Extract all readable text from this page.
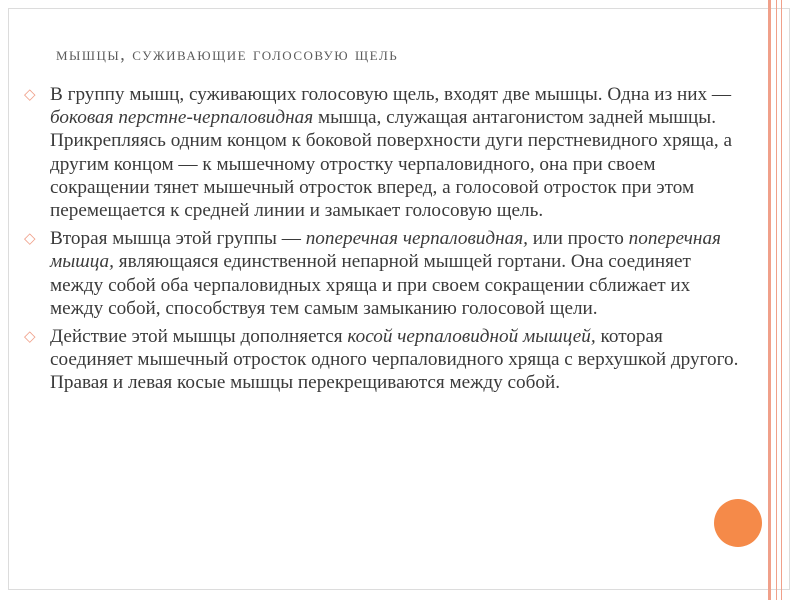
мышцы, суживающие голосовую щель

◇ В группу мышц, суживающих голосовую щель, входят две мышцы. Одна из них — боковая перстне-черпаловидная мышца, служащая антагонистом задней мышцы. Прикрепляясь одним концом к боковой поверхности дуги перстневидного хряща, а другим концом — к мышечному отростку черпаловидного, она при своем сокращении тянет мышечный отросток вперед, а голосовой отросток при этом перемещается к средней линии и замыкает голосовую щель.

◇ Вторая мышца этой группы — поперечная черпаловидная, или просто поперечная мышца, являющаяся единственной непарной мышцей гортани. Она соединяет между собой оба черпаловидных хряща и при своем сокращении сближает их между собой, способствуя тем самым замыканию голосовой щели.

◇ Действие этой мышцы дополняется косой черпаловидной мышцей, которая соединяет мышечный отросток одного черпаловидного хряща с верхушкой другого. Правая и левая косые мышцы перекрещиваются между собой.
